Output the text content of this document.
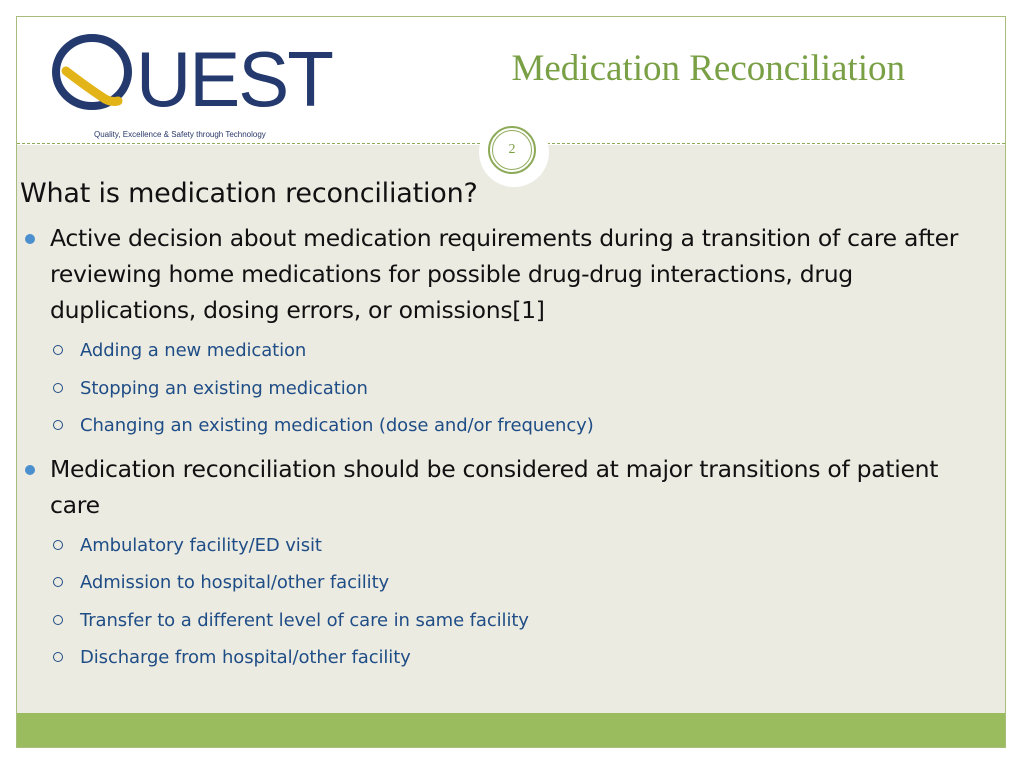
UEST
Quality, Excellence & Safety through Technology
Medication Reconciliation
2
What is medication reconciliation?
Active decision about medication requirements during a transition of care after reviewing home medications for possible drug-drug interactions, drug duplications, dosing errors, or omissions[1]
Adding a new medication
Stopping an existing medication
Changing an existing medication (dose and/or frequency)
Medication reconciliation should be considered at major transitions of patient care
Ambulatory facility/ED visit
Admission to hospital/other facility
Transfer to a different level of care in same facility
Discharge from hospital/other facility
